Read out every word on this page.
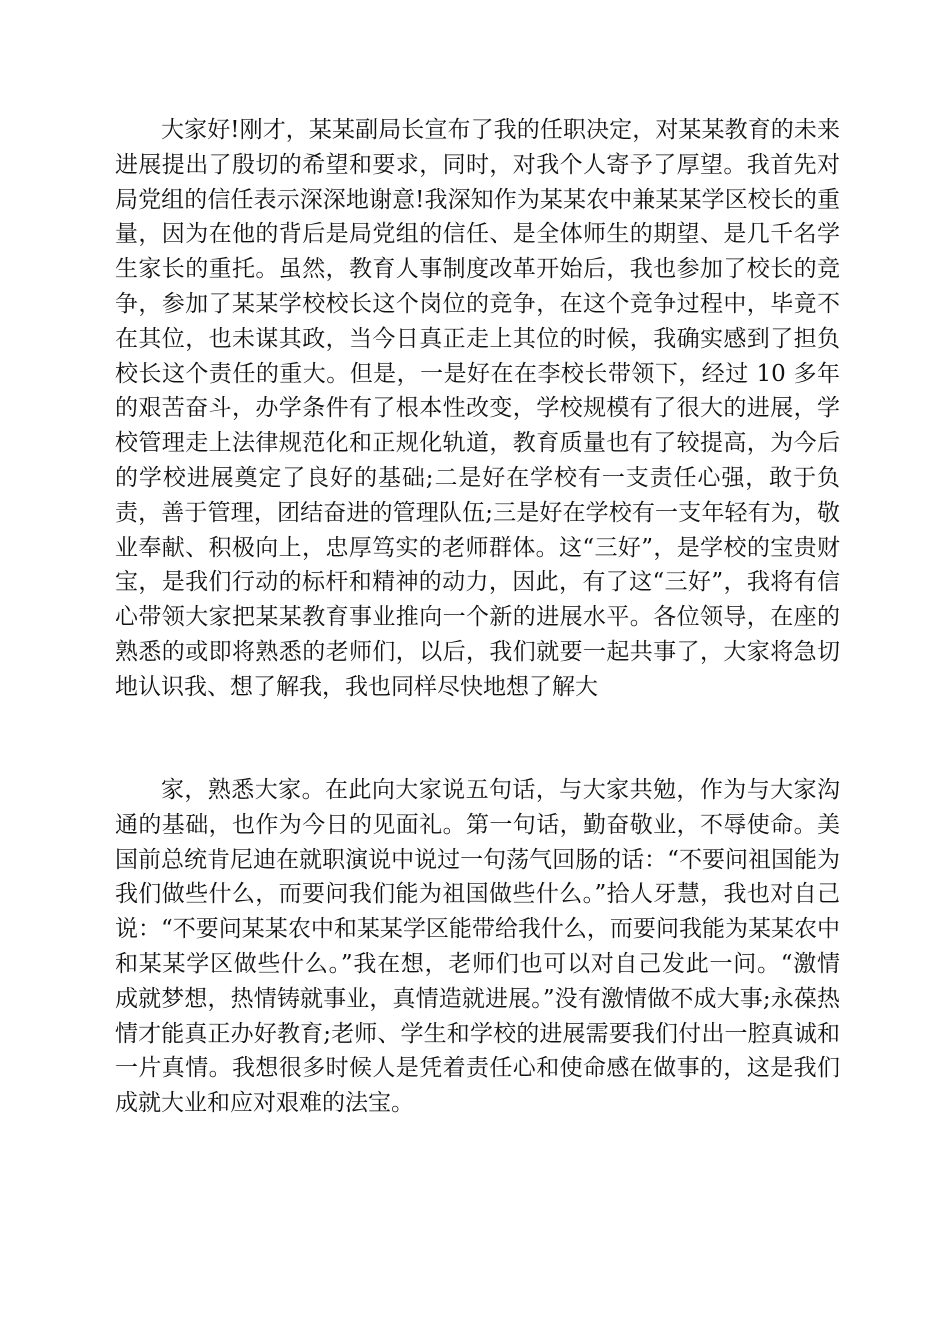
大家好!刚才，某某副局长宣布了我的任职决定，对某某教育的未来进展提出了殷切的希望和要求，同时，对我个人寄予了厚望。我首先对局党组的信任表示深深地谢意!我深知作为某某农中兼某某学区校长的重量，因为在他的背后是局党组的信任、是全体师生的期望、是几千名学生家长的重托。虽然，教育人事制度改革开始后，我也参加了校长的竞争，参加了某某学校校长这个岗位的竞争，在这个竞争过程中，毕竟不在其位，也未谋其政，当今日真正走上其位的时候，我确实感到了担负校长这个责任的重大。但是，一是好在在李校长带领下，经过 10 多年的艰苦奋斗，办学条件有了根本性改变，学校规模有了很大的进展，学校管理走上法律规范化和正规化轨道，教育质量也有了较提高，为今后的学校进展奠定了良好的基础;二是好在学校有一支责任心强，敢于负责，善于管理，团结奋进的管理队伍;三是好在学校有一支年轻有为，敬业奉献、积极向上，忠厚笃实的老师群体。这“三好”，是学校的宝贵财宝，是我们行动的标杆和精神的动力，因此，有了这“三好”，我将有信心带领大家把某某教育事业推向一个新的进展水平。各位领导，在座的熟悉的或即将熟悉的老师们，以后，我们就要一起共事了，大家将急切地认识我、想了解我，我也同样尽快地想了解大

家，熟悉大家。在此向大家说五句话，与大家共勉，作为与大家沟通的基础，也作为今日的见面礼。第一句话，勤奋敬业，不辱使命。美国前总统肯尼迪在就职演说中说过一句荡气回肠的话：“不要问祖国能为我们做些什么，而要问我们能为祖国做些什么。”拾人牙慧，我也对自己说：“不要问某某农中和某某学区能带给我什么，而要问我能为某某农中和某某学区做些什么。”我在想，老师们也可以对自己发此一问。“激情成就梦想，热情铸就事业，真情造就进展。”没有激情做不成大事;永葆热情才能真正办好教育;老师、学生和学校的进展需要我们付出一腔真诚和一片真情。我想很多时候人是凭着责任心和使命感在做事的，这是我们成就大业和应对艰难的法宝。
